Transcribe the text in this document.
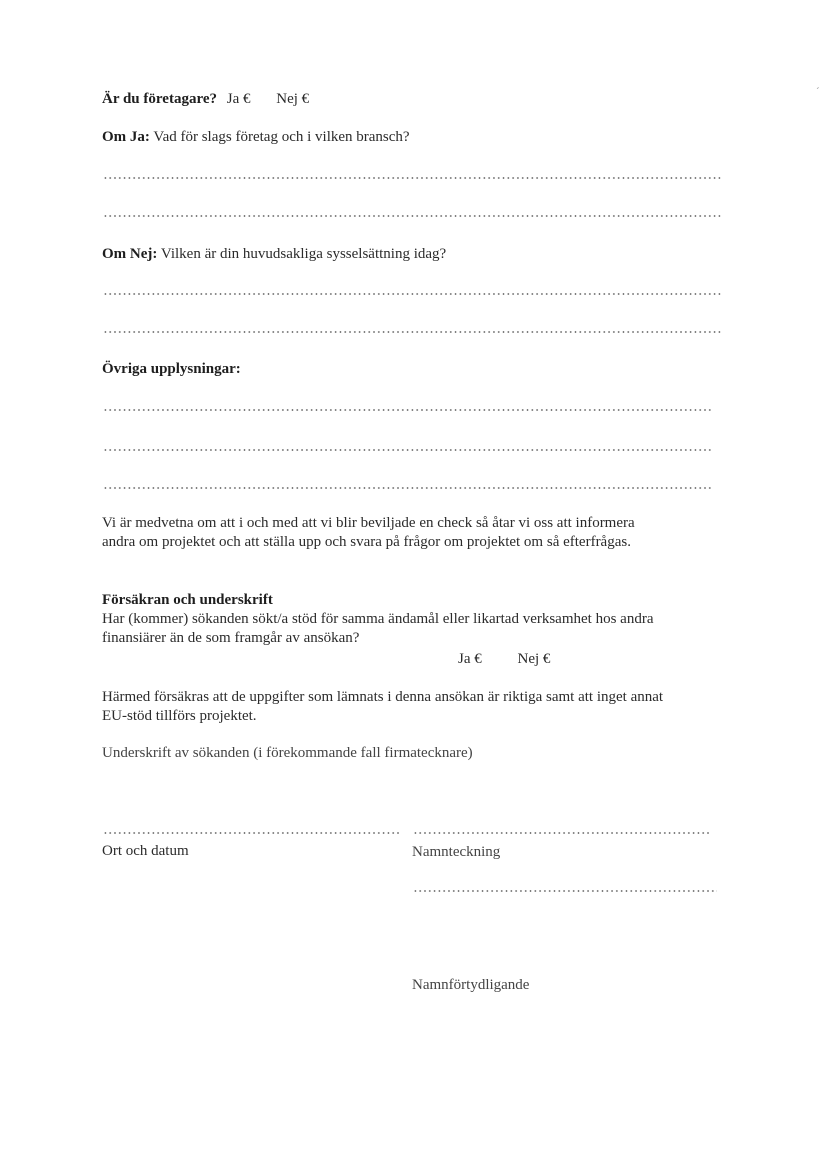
Är du företagare? Ja € Nej €	´
Om Ja: Vad för slags företag och i vilken bransch?
Om Nej: Vilken är din huvudsakliga sysselsättning idag?
Övriga upplysningar:
Vi är medvetna om att i och med att vi blir beviljade en check så åtar vi oss att informera
andra om projektet och att ställa upp och svara på frågor om projektet om så efterfrågas.
Försäkran och underskrift
Har (kommer) sökanden sökt/a stöd för samma ändamål eller likartad verksamhet hos andra
finansiärer än de som framgår av ansökan?
Ja € Nej €
Härmed försäkras att de uppgifter som lämnats i denna ansökan är riktiga samt att inget annat
EU-stöd tillförs projektet.
Underskrift av sökanden (i förekommande fall firmatecknare)
Ort och datum	Namnteckning
Namnförtydligande
